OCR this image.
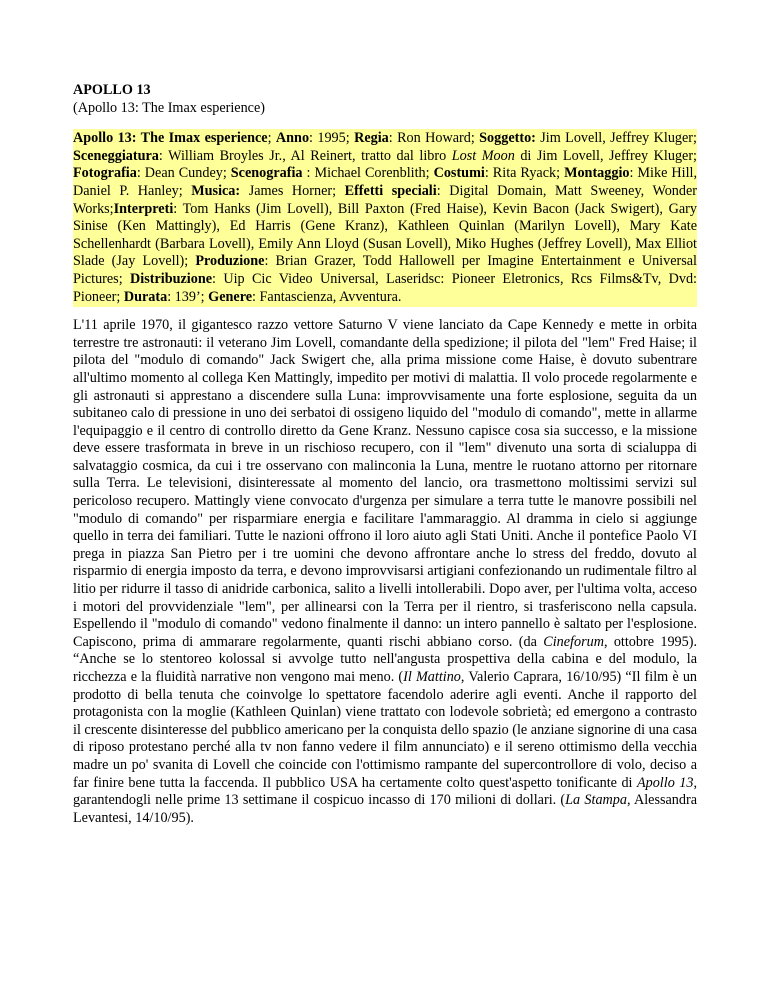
APOLLO 13

(Apollo 13: The Imax esperience)

Apollo 13: The Imax esperience; Anno: 1995; Regia: Ron Howard; Soggetto: Jim Lovell, Jeffrey Kluger; Sceneggiatura: William Broyles Jr., Al Reinert, tratto dal libro Lost Moon di Jim Lovell, Jeffrey Kluger; Fotografia: Dean Cundey; Scenografia : Michael Corenblith; Costumi: Rita Ryack; Montaggio: Mike Hill, Daniel P. Hanley; Musica: James Horner; Effetti speciali: Digital Domain, Matt Sweeney, Wonder Works;Interpreti: Tom Hanks (Jim Lovell), Bill Paxton (Fred Haise), Kevin Bacon (Jack Swigert), Gary Sinise (Ken Mattingly), Ed Harris (Gene Kranz), Kathleen Quinlan (Marilyn Lovell), Mary Kate Schellenhardt (Barbara Lovell), Emily Ann Lloyd (Susan Lovell), Miko Hughes (Jeffrey Lovell), Max Elliot Slade (Jay Lovell); Produzione: Brian Grazer, Todd Hallowell per Imagine Entertainment e Universal Pictures; Distribuzione: Uip Cic Video Universal, Laseridsc: Pioneer Eletronics, Rcs Films&Tv, Dvd: Pioneer; Durata: 139’; Genere: Fantascienza, Avventura.

L'11 aprile 1970, il gigantesco razzo vettore Saturno V viene lanciato da Cape Kennedy e mette in orbita terrestre tre astronauti: il veterano Jim Lovell, comandante della spedizione; il pilota del "lem" Fred Haise; il pilota del "modulo di comando" Jack Swigert che, alla prima missione come Haise, è dovuto subentrare all'ultimo momento al collega Ken Mattingly, impedito per motivi di malattia. Il volo procede regolarmente e gli astronauti si apprestano a discendere sulla Luna: improvvisamente una forte esplosione, seguita da un subitaneo calo di pressione in uno dei serbatoi di ossigeno liquido del "modulo di comando", mette in allarme l'equipaggio e il centro di controllo diretto da Gene Kranz. Nessuno capisce cosa sia successo, e la missione deve essere trasformata in breve in un rischioso recupero, con il "lem" divenuto una sorta di scialuppa di salvataggio cosmica, da cui i tre osservano con malinconia la Luna, mentre le ruotano attorno per ritornare sulla Terra. Le televisioni, disinteressate al momento del lancio, ora trasmettono moltissimi servizi sul pericoloso recupero. Mattingly viene convocato d'urgenza per simulare a terra tutte le manovre possibili nel "modulo di comando" per risparmiare energia e facilitare l'ammaraggio. Al dramma in cielo si aggiunge quello in terra dei familiari. Tutte le nazioni offrono il loro aiuto agli Stati Uniti. Anche il pontefice Paolo VI prega in piazza San Pietro per i tre uomini che devono affrontare anche lo stress del freddo, dovuto al risparmio di energia imposto da terra, e devono improvvisarsi artigiani confezionando un rudimentale filtro al litio per ridurre il tasso di anidride carbonica, salito a livelli intollerabili. Dopo aver, per l'ultima volta, acceso i motori del provvidenziale "lem", per allinearsi con la Terra per il rientro, si trasferiscono nella capsula. Espellendo il "modulo di comando" vedono finalmente il danno: un intero pannello è saltato per l'esplosione. Capiscono, prima di ammarare regolarmente, quanti rischi abbiano corso. (da Cineforum, ottobre 1995). “Anche se lo stentoreo kolossal si avvolge tutto nell'angusta prospettiva della cabina e del modulo, la ricchezza e la fluidità narrative non vengono mai meno. (Il Mattino, Valerio Caprara, 16/10/95) “Il film è un prodotto di bella tenuta che coinvolge lo spettatore facendolo aderire agli eventi. Anche il rapporto del protagonista con la moglie (Kathleen Quinlan) viene trattato con lodevole sobrietà; ed emergono a contrasto il crescente disinteresse del pubblico americano per la conquista dello spazio (le anziane signorine di una casa di riposo protestano perché alla tv non fanno vedere il film annunciato) e il sereno ottimismo della vecchia madre un po' svanita di Lovell che coincide con l'ottimismo rampante del supercontrollore di volo, deciso a far finire bene tutta la faccenda. Il pubblico USA ha certamente colto quest'aspetto tonificante di Apollo 13, garantendogli nelle prime 13 settimane il cospicuo incasso di 170 milioni di dollari. (La Stampa, Alessandra Levantesi, 14/10/95).
